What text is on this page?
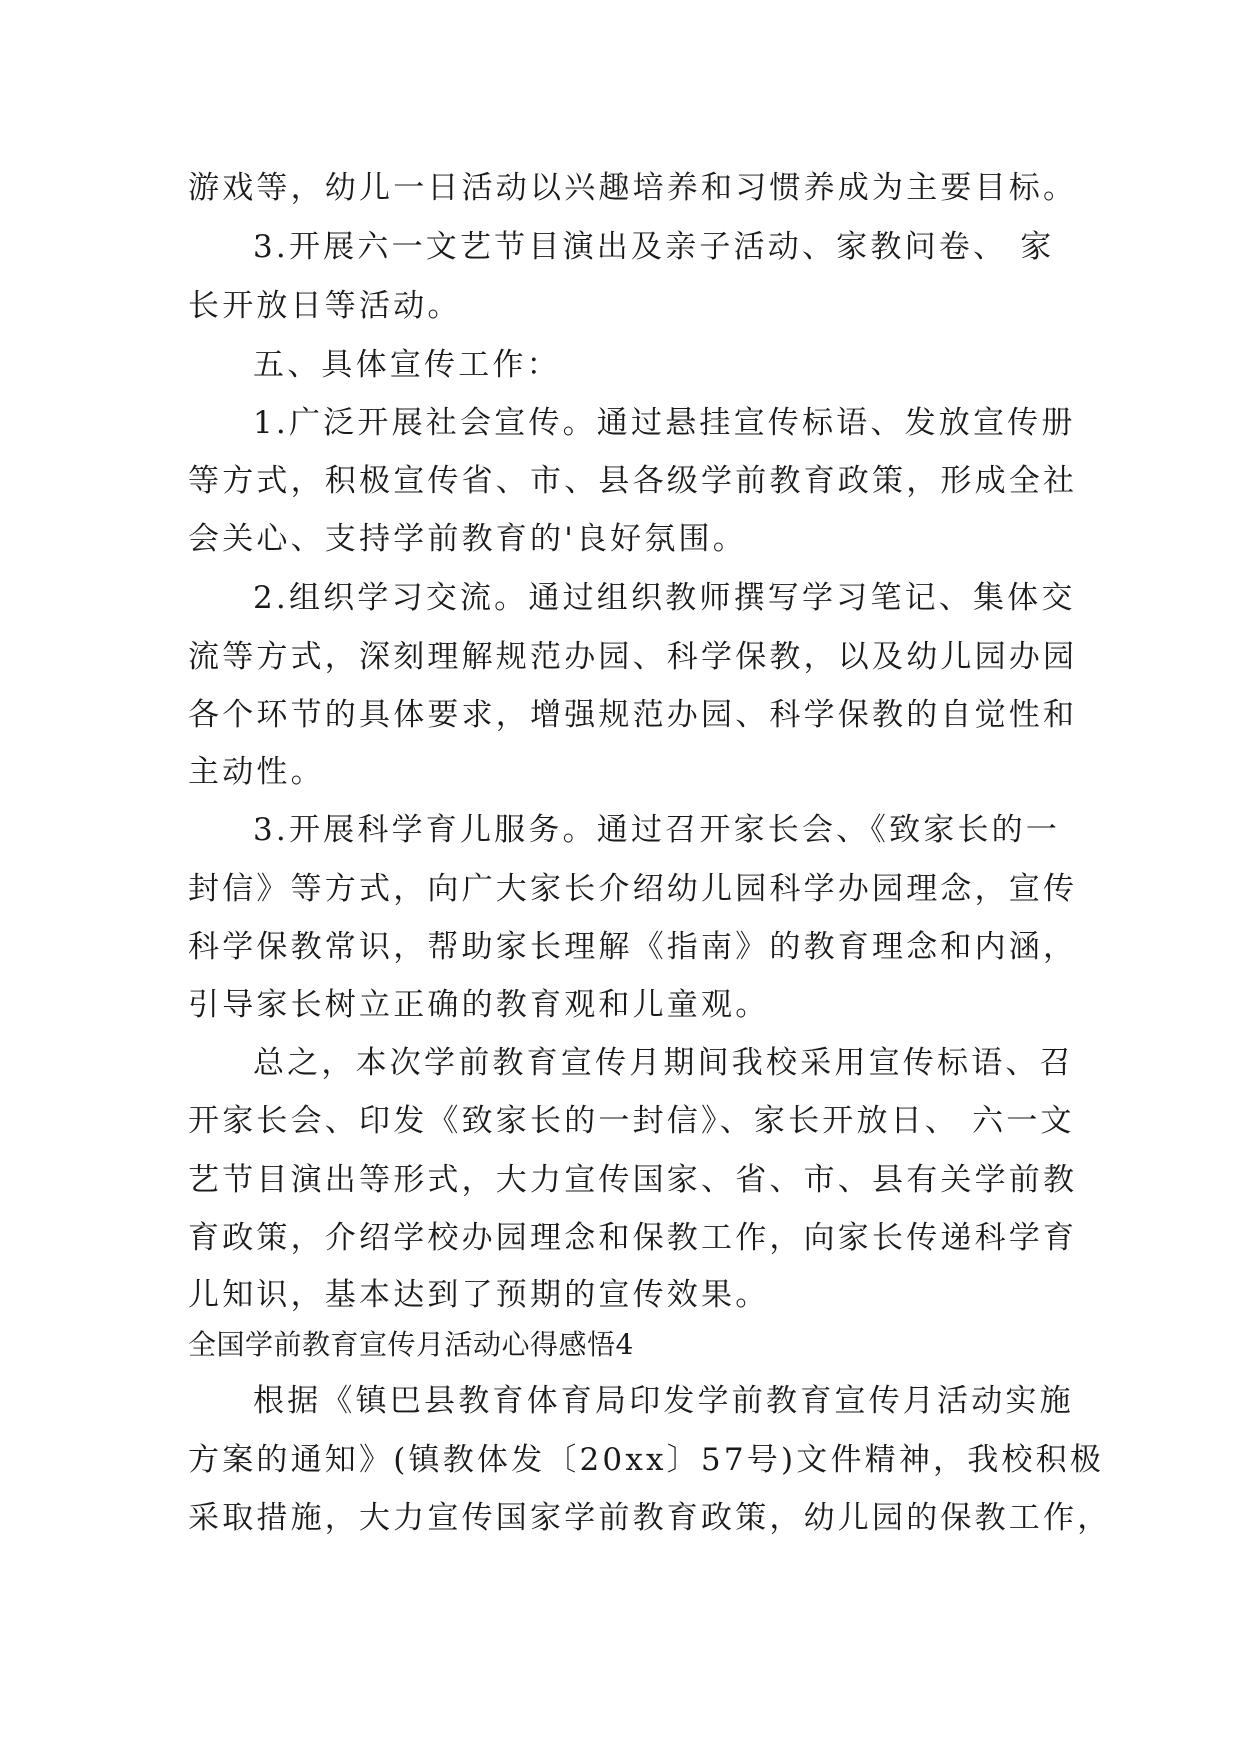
游戏等，幼儿一日活动以兴趣培养和习惯养成为主要目标。
3.开展六一文艺节目演出及亲子活动、家教问卷、 家
长开放日等活动。
五、具体宣传工作：
1.广泛开展社会宣传。通过悬挂宣传标语、发放宣传册
等方式，积极宣传省、市、县各级学前教育政策，形成全社
会关心、支持学前教育的'良好氛围。
2.组织学习交流。通过组织教师撰写学习笔记、集体交
流等方式，深刻理解规范办园、科学保教，以及幼儿园办园
各个环节的具体要求，增强规范办园、科学保教的自觉性和
主动性。
3.开展科学育儿服务。通过召开家长会、《致家长的一
封信》等方式，向广大家长介绍幼儿园科学办园理念，宣传
科学保教常识，帮助家长理解《指南》的教育理念和内涵，
引导家长树立正确的教育观和儿童观。
总之，本次学前教育宣传月期间我校采用宣传标语、召
开家长会、印发《致家长的一封信》、家长开放日、 六一文
艺节目演出等形式，大力宣传国家、省、市、县有关学前教
育政策，介绍学校办园理念和保教工作，向家长传递科学育
儿知识，基本达到了预期的宣传效果。
全国学前教育宣传月活动心得感悟4
根据《镇巴县教育体育局印发学前教育宣传月活动实施
方案的通知》(镇教体发〔20xx〕57号)文件精神，我校积极
采取措施，大力宣传国家学前教育政策，幼儿园的保教工作，
